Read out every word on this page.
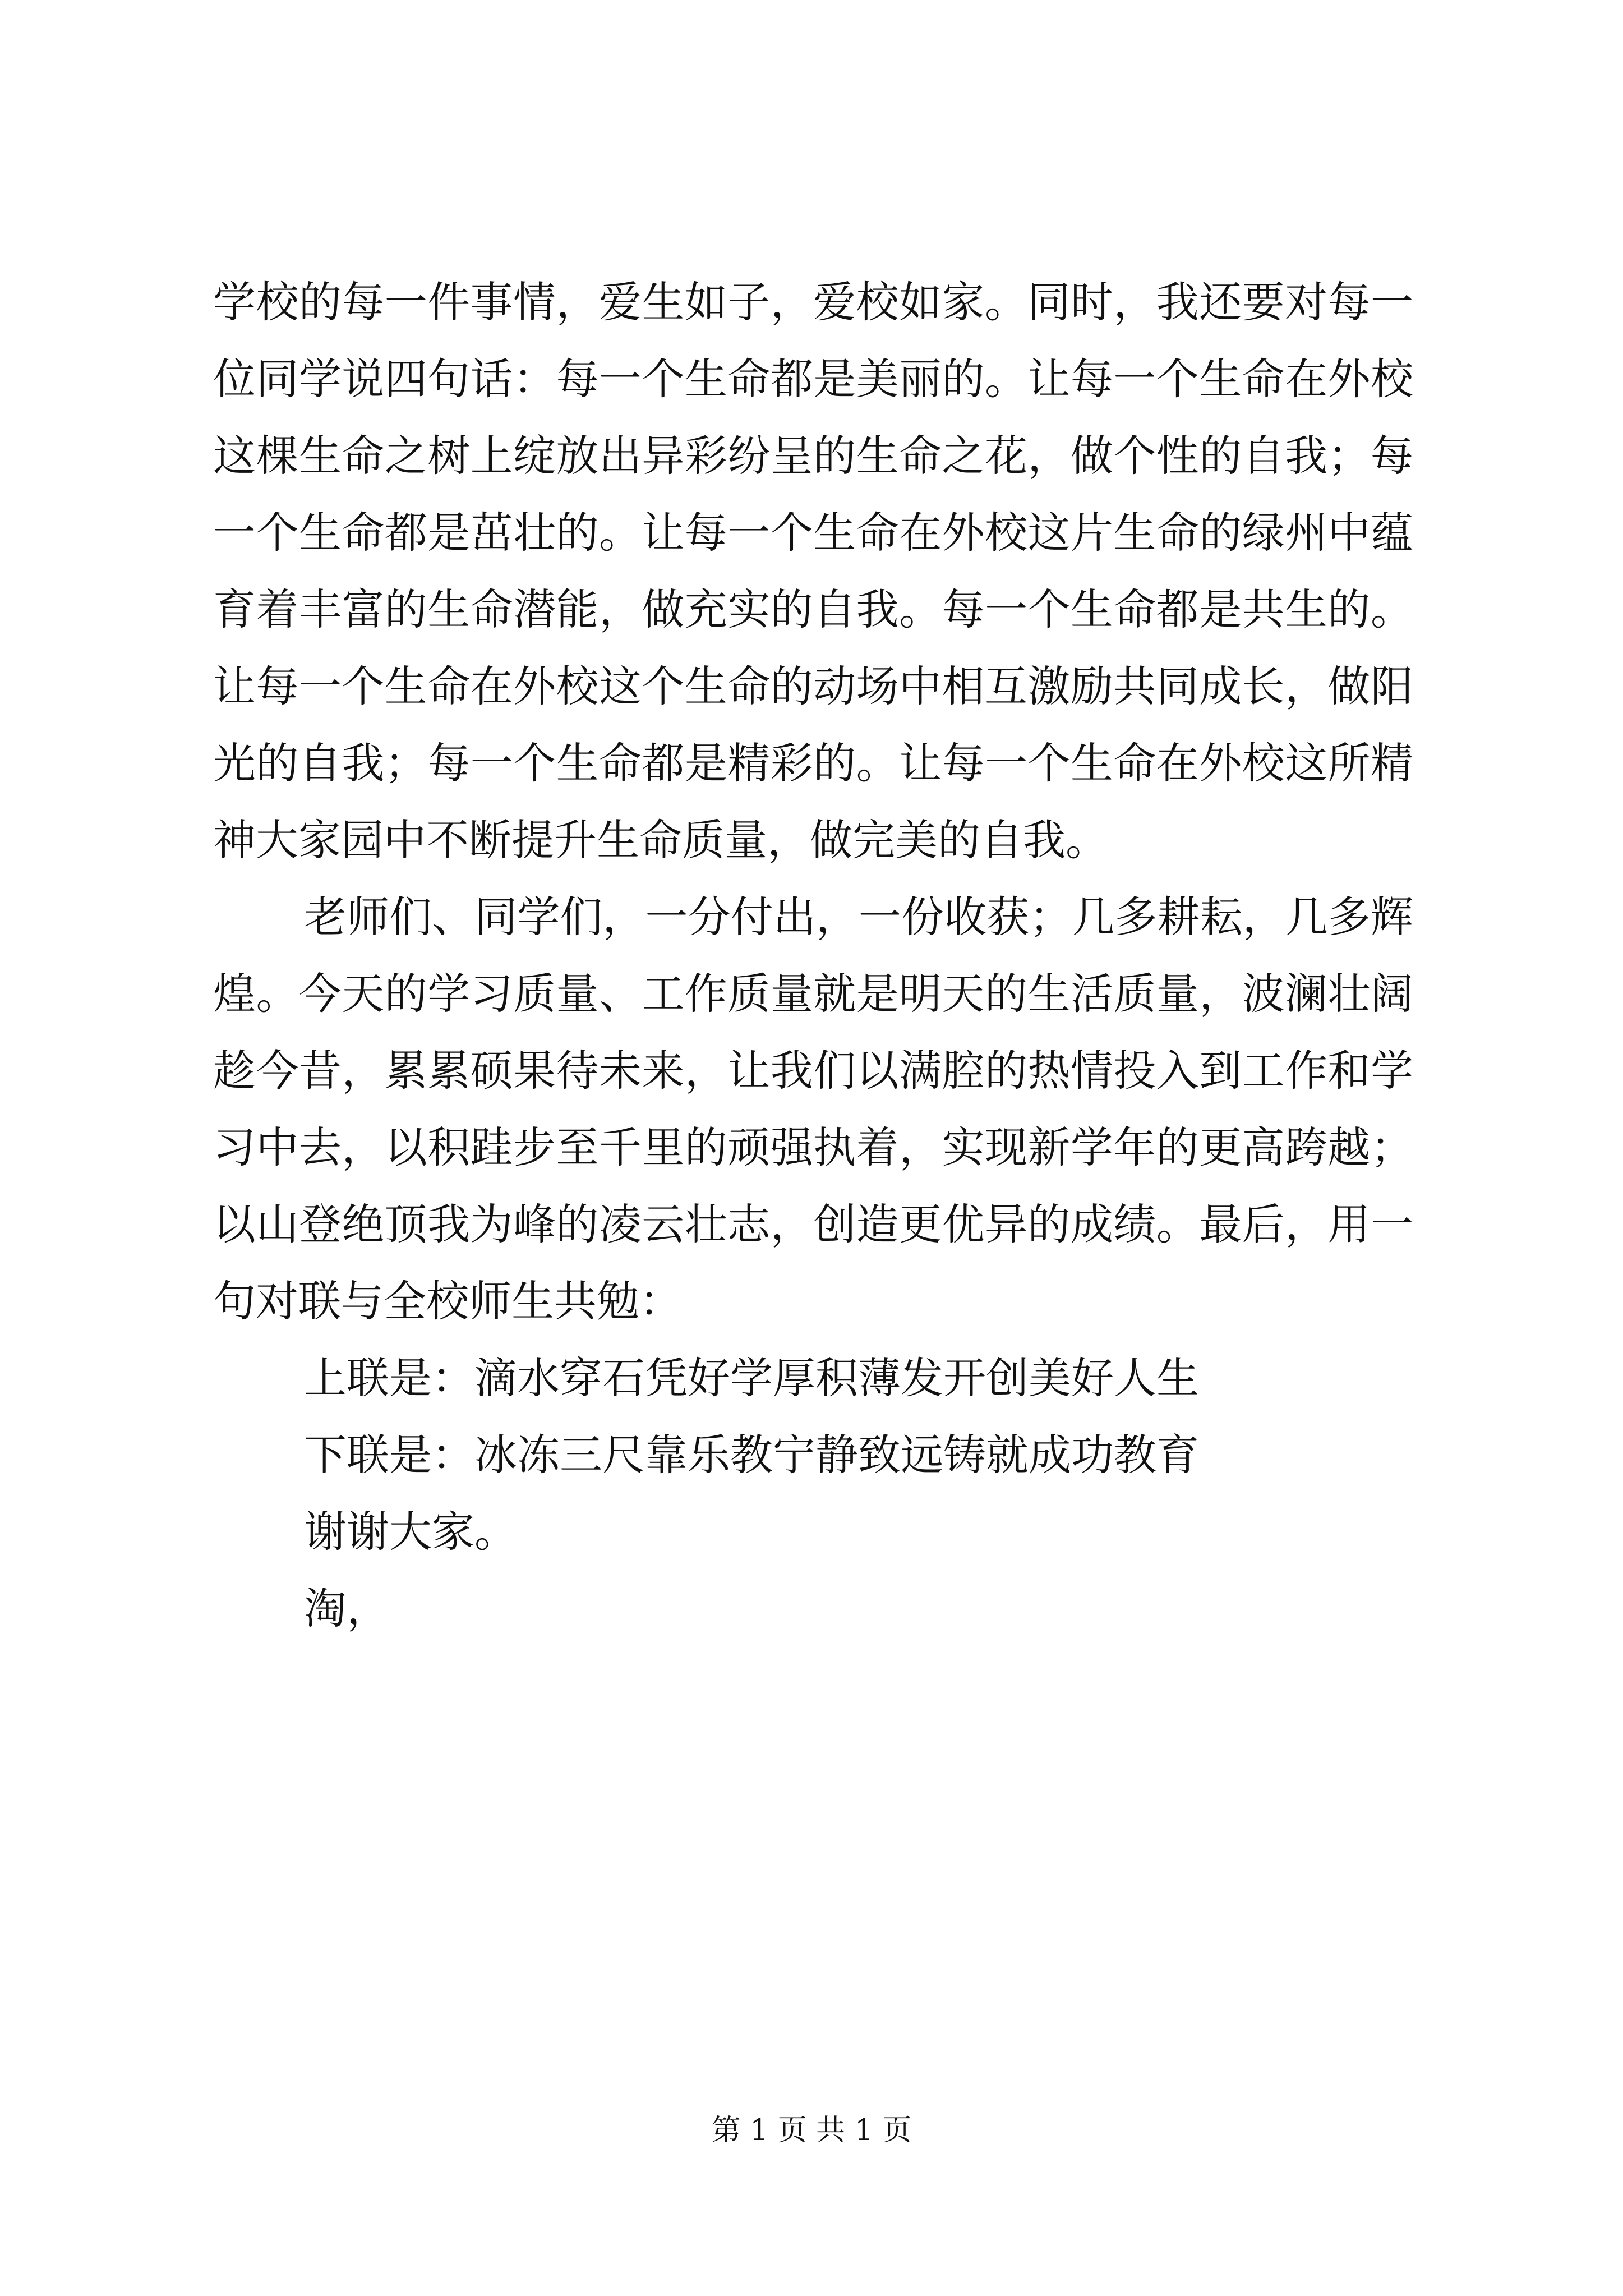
学校的每一件事情，爱生如子，爱校如家。同时，我还要对每一
位同学说四句话：每一个生命都是美丽的。让每一个生命在外校
这棵生命之树上绽放出异彩纷呈的生命之花，做个性的自我；每
一个生命都是茁壮的。让每一个生命在外校这片生命的绿州中蕴
育着丰富的生命潜能，做充实的自我。每一个生命都是共生的。
让每一个生命在外校这个生命的动场中相互激励共同成长，做阳
光的自我；每一个生命都是精彩的。让每一个生命在外校这所精
神大家园中不断提升生命质量，做完美的自我。
老师们、同学们，一分付出，一份收获；几多耕耘，几多辉
煌。今天的学习质量、工作质量就是明天的生活质量，波澜壮阔
趁今昔，累累硕果待未来，让我们以满腔的热情投入到工作和学
习中去，以积跬步至千里的顽强执着，实现新学年的更高跨越；
以山登绝顶我为峰的凌云壮志，创造更优异的成绩。最后，用一
句对联与全校师生共勉：
上联是：滴水穿石凭好学厚积薄发开创美好人生
下联是：冰冻三尺靠乐教宁静致远铸就成功教育
谢谢大家。
淘，
第 1 页 共 1 页
